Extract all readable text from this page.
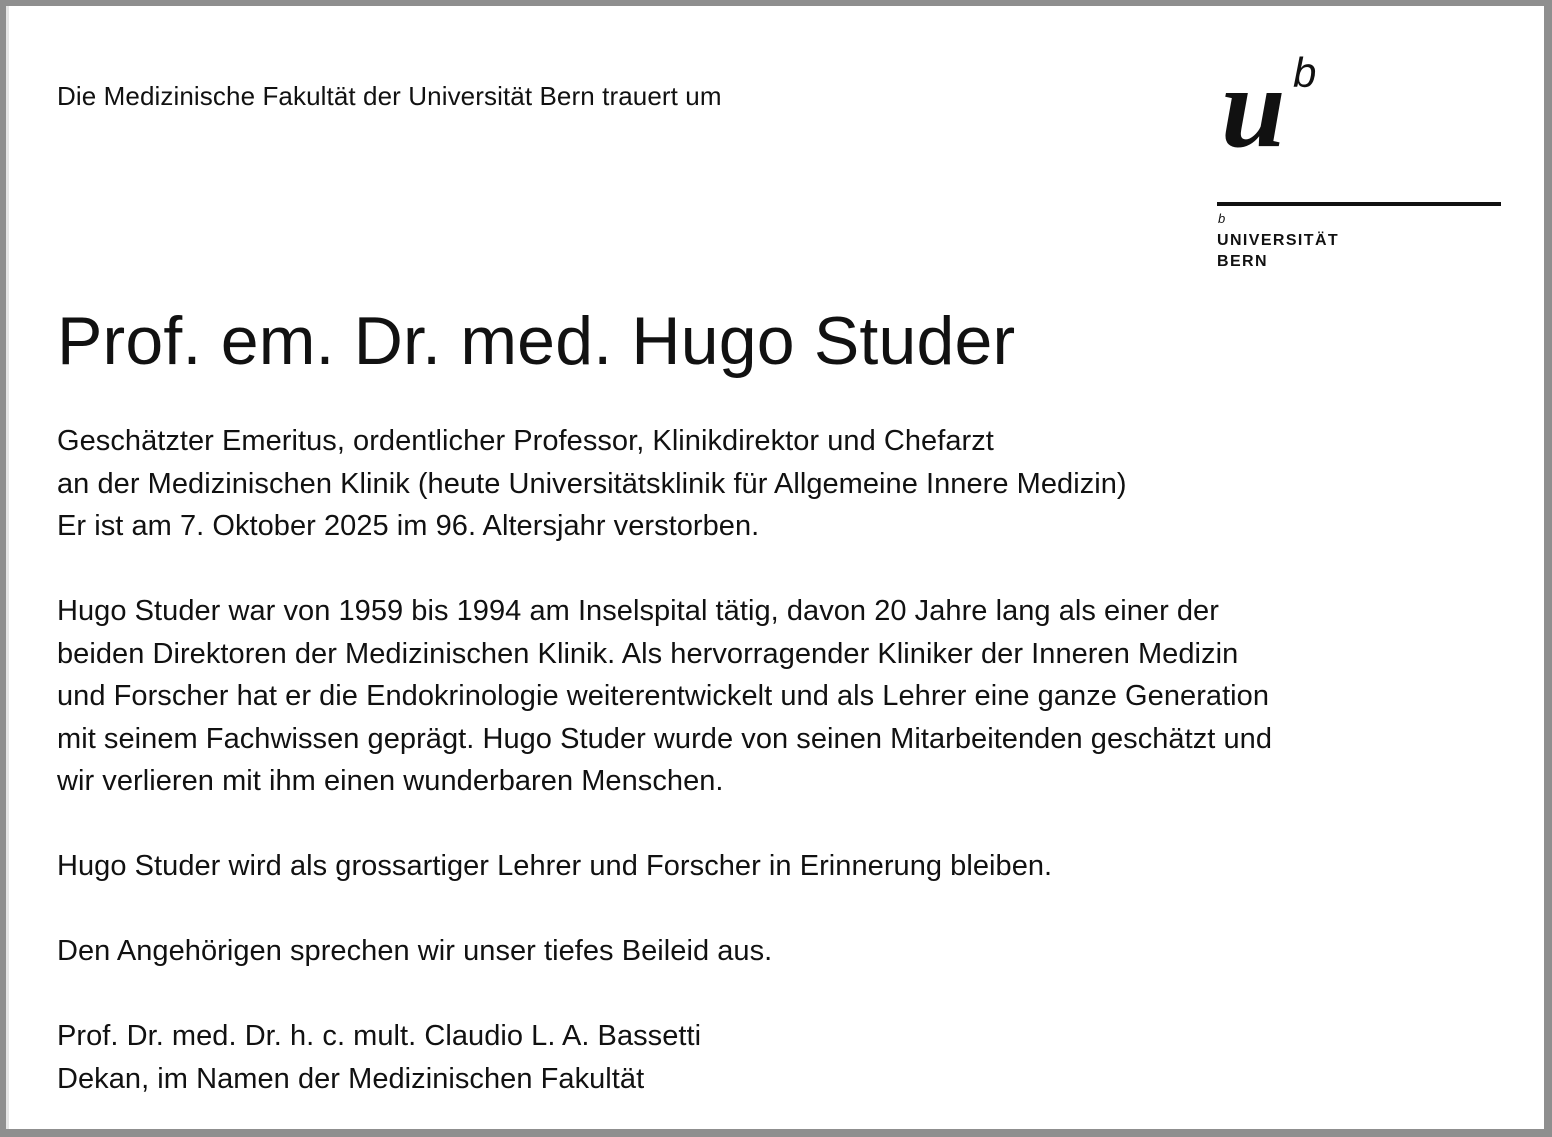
Die Medizinische Fakultät der Universität Bern trauert um	u b
b
UNIVERSITÄT
BERN
Prof. em. Dr. med. Hugo Studer

Geschätzter Emeritus, ordentlicher Professor, Klinikdirektor und Chefarzt
an der Medizinischen Klinik (heute Universitätsklinik für Allgemeine Innere Medizin)
Er ist am 7. Oktober 2025 im 96. Altersjahr verstorben.

Hugo Studer war von 1959 bis 1994 am Inselspital tätig, davon 20 Jahre lang als einer der
beiden Direktoren der Medizinischen Klinik. Als hervorragender Kliniker der Inneren Medizin
und Forscher hat er die Endokrinologie weiterentwickelt und als Lehrer eine ganze Generation
mit seinem Fachwissen geprägt. Hugo Studer wurde von seinen Mitarbeitenden geschätzt und
wir verlieren mit ihm einen wunderbaren Menschen.

Hugo Studer wird als grossartiger Lehrer und Forscher in Erinnerung bleiben.

Den Angehörigen sprechen wir unser tiefes Beileid aus.

Prof. Dr. med. Dr. h. c. mult. Claudio L. A. Bassetti
Dekan, im Namen der Medizinischen Fakultät
